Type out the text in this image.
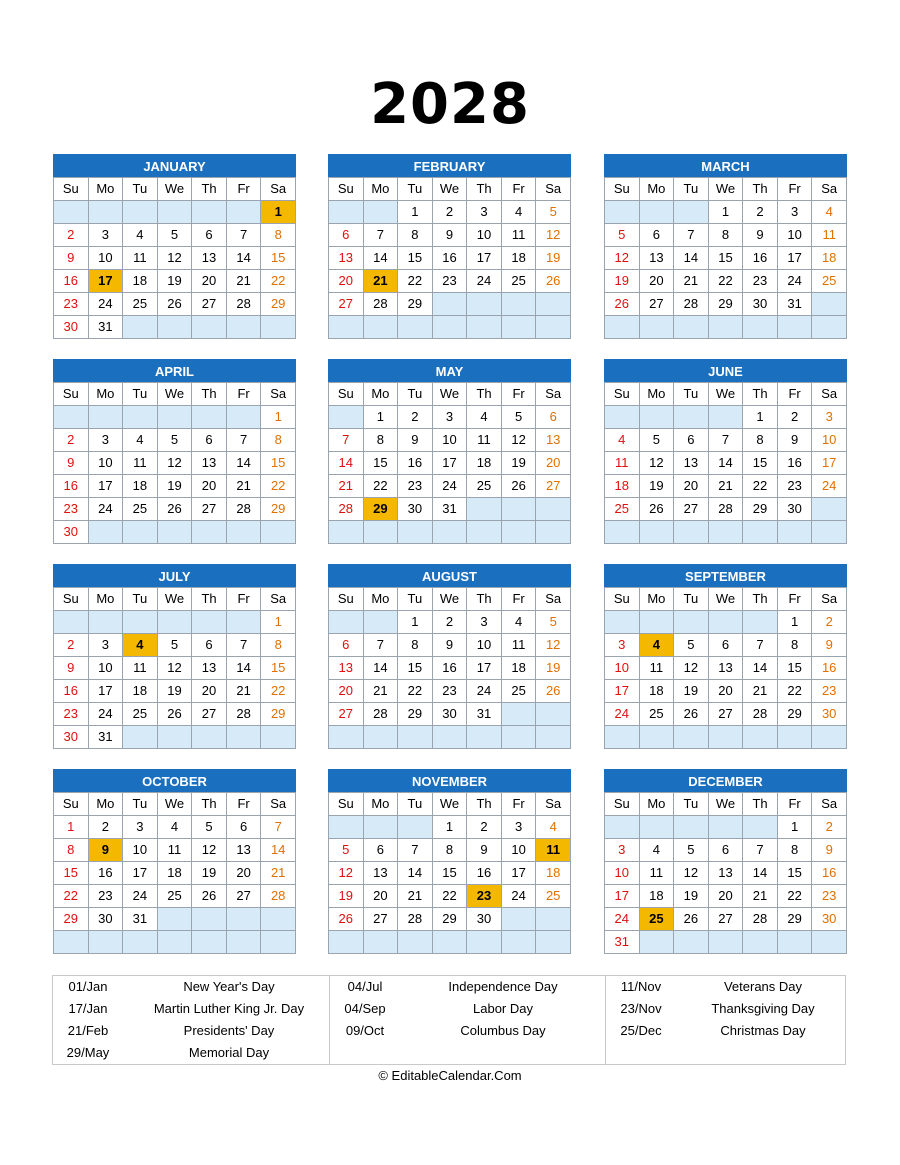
2028
JANUARY
Su	Mo	Tu	We	Th	Fr	Sa
						1
2	3	4	5	6	7	8
9	10	11	12	13	14	15
16	17	18	19	20	21	22
23	24	25	26	27	28	29
30	31					
FEBRUARY
Su	Mo	Tu	We	Th	Fr	Sa
		1	2	3	4	5
6	7	8	9	10	11	12
13	14	15	16	17	18	19
20	21	22	23	24	25	26
27	28	29				

MARCH
Su	Mo	Tu	We	Th	Fr	Sa
			1	2	3	4
5	6	7	8	9	10	11
12	13	14	15	16	17	18
19	20	21	22	23	24	25
26	27	28	29	30	31	

APRIL
Su	Mo	Tu	We	Th	Fr	Sa
						1
2	3	4	5	6	7	8
9	10	11	12	13	14	15
16	17	18	19	20	21	22
23	24	25	26	27	28	29
30						
MAY
Su	Mo	Tu	We	Th	Fr	Sa
	1	2	3	4	5	6
7	8	9	10	11	12	13
14	15	16	17	18	19	20
21	22	23	24	25	26	27
28	29	30	31			

JUNE
Su	Mo	Tu	We	Th	Fr	Sa
				1	2	3
4	5	6	7	8	9	10
11	12	13	14	15	16	17
18	19	20	21	22	23	24
25	26	27	28	29	30	

JULY
Su	Mo	Tu	We	Th	Fr	Sa
						1
2	3	4	5	6	7	8
9	10	11	12	13	14	15
16	17	18	19	20	21	22
23	24	25	26	27	28	29
30	31					
AUGUST
Su	Mo	Tu	We	Th	Fr	Sa
		1	2	3	4	5
6	7	8	9	10	11	12
13	14	15	16	17	18	19
20	21	22	23	24	25	26
27	28	29	30	31		

SEPTEMBER
Su	Mo	Tu	We	Th	Fr	Sa
					1	2
3	4	5	6	7	8	9
10	11	12	13	14	15	16
17	18	19	20	21	22	23
24	25	26	27	28	29	30

OCTOBER
Su	Mo	Tu	We	Th	Fr	Sa
1	2	3	4	5	6	7
8	9	10	11	12	13	14
15	16	17	18	19	20	21
22	23	24	25	26	27	28
29	30	31				

NOVEMBER
Su	Mo	Tu	We	Th	Fr	Sa
			1	2	3	4
5	6	7	8	9	10	11
12	13	14	15	16	17	18
19	20	21	22	23	24	25
26	27	28	29	30		

DECEMBER
Su	Mo	Tu	We	Th	Fr	Sa
					1	2
3	4	5	6	7	8	9
10	11	12	13	14	15	16
17	18	19	20	21	22	23
24	25	26	27	28	29	30
31						
01/Jan	New Year's Day
17/Jan	Martin Luther King Jr. Day
21/Feb	Presidents' Day
29/May	Memorial Day
04/Jul	Independence Day
04/Sep	Labor Day
09/Oct	Columbus Day
11/Nov	Veterans Day
23/Nov	Thanksgiving Day
25/Dec	Christmas Day
© EditableCalendar.Com
